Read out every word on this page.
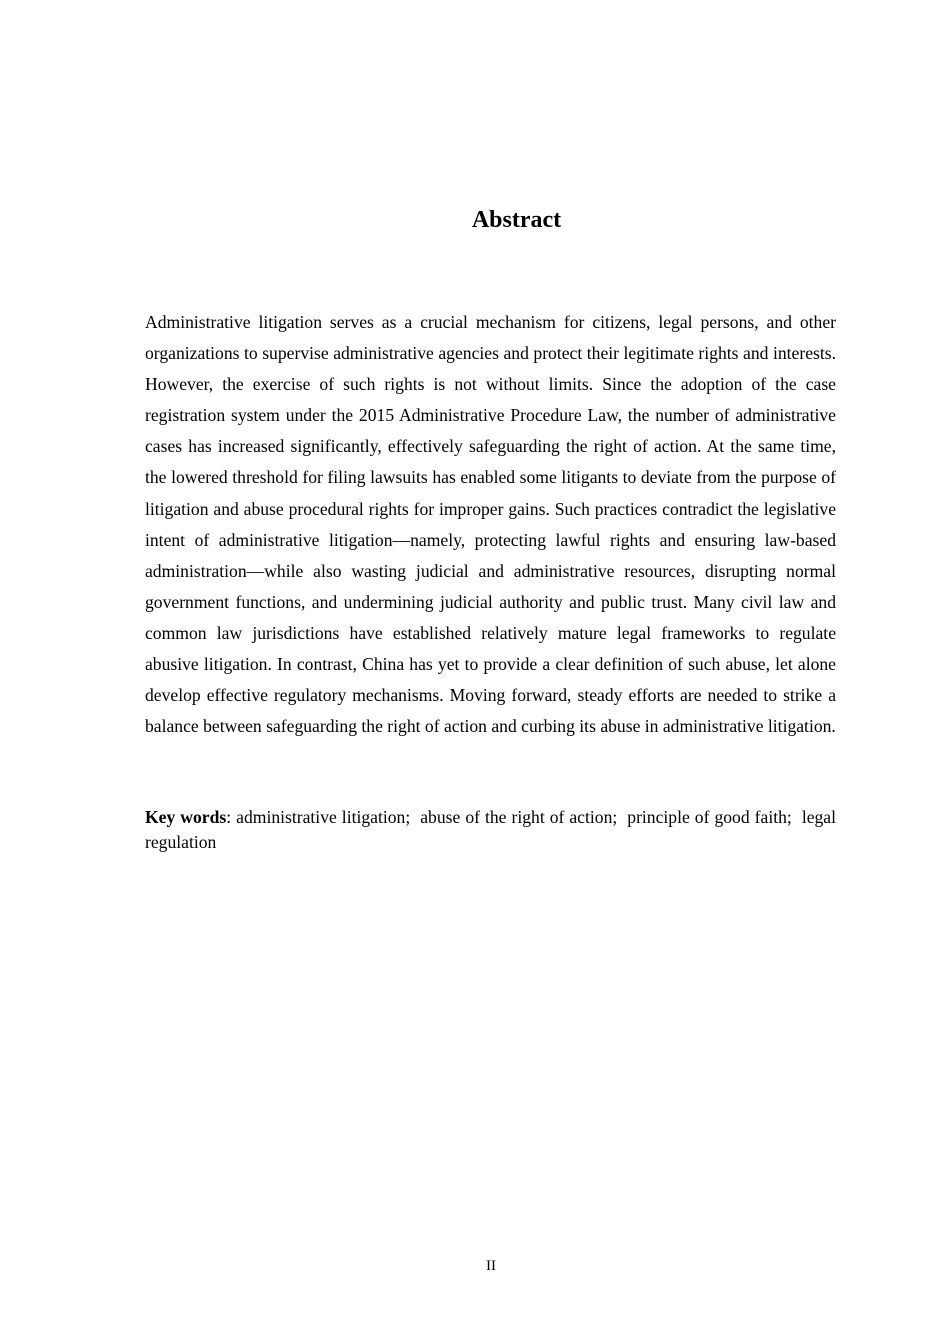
Abstract

Administrative litigation serves as a crucial mechanism for citizens, legal persons, and other organizations to supervise administrative agencies and protect their legitimate rights and interests. However, the exercise of such rights is not without limits. Since the adoption of the case registration system under the 2015 Administrative Procedure Law, the number of administrative cases has increased significantly, effectively safeguarding the right of action. At the same time, the lowered threshold for filing lawsuits has enabled some litigants to deviate from the purpose of litigation and abuse procedural rights for improper gains. Such practices contradict the legislative intent of administrative litigation—namely, protecting lawful rights and ensuring law-based administration—while also wasting judicial and administrative resources, disrupting normal government functions, and undermining judicial authority and public trust. Many civil law and common law jurisdictions have established relatively mature legal frameworks to regulate abusive litigation. In contrast, China has yet to provide a clear definition of such abuse, let alone develop effective regulatory mechanisms. Moving forward, steady efforts are needed to strike a balance between safeguarding the right of action and curbing its abuse in administrative litigation.

Key words: administrative litigation; abuse of the right of action; principle of good faith; legal regulation

II
